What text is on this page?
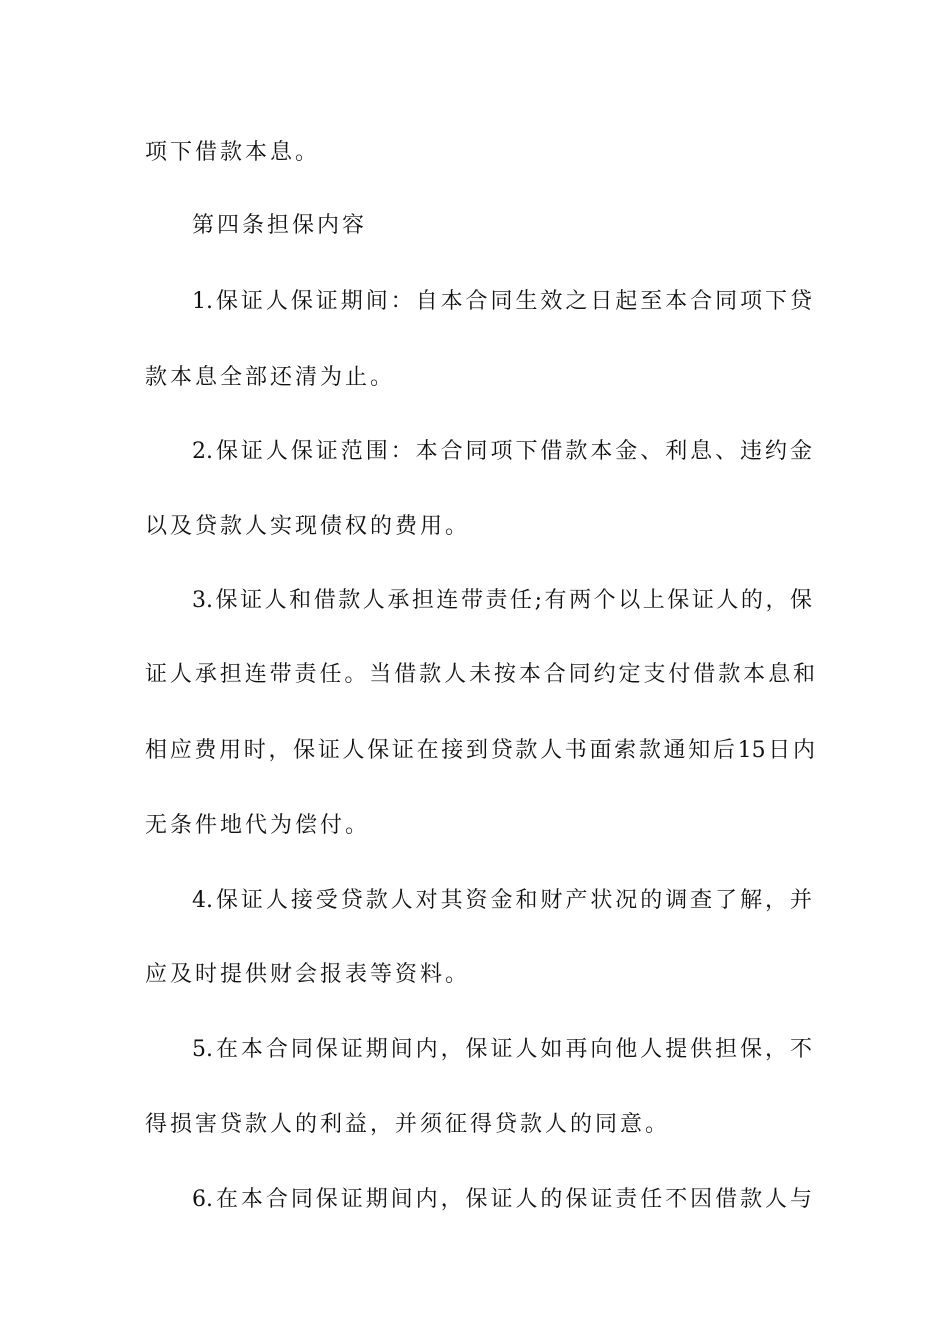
项下借款本息。
第四条担保内容
1.保证人保证期间：自本合同生效之日起至本合同项下贷
款本息全部还清为止。
2.保证人保证范围：本合同项下借款本金、利息、违约金
以及贷款人实现债权的费用。
3.保证人和借款人承担连带责任;有两个以上保证人的，保
证人承担连带责任。当借款人未按本合同约定支付借款本息和
相应费用时，保证人保证在接到贷款人书面索款通知后15日内
无条件地代为偿付。
4.保证人接受贷款人对其资金和财产状况的调查了解，并
应及时提供财会报表等资料。
5.在本合同保证期间内，保证人如再向他人提供担保，不
得损害贷款人的利益，并须征得贷款人的同意。
6.在本合同保证期间内，保证人的保证责任不因借款人与
